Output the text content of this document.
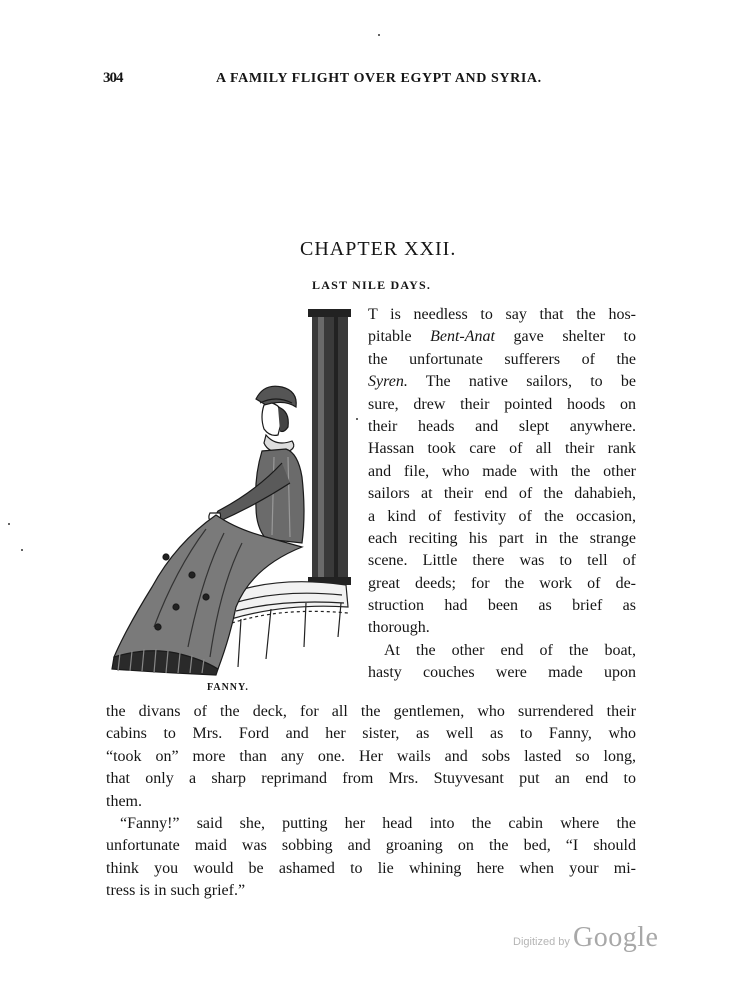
304	A FAMILY FLIGHT OVER EGYPT AND SYRIA.
CHAPTER XXII.
LAST NILE DAYS.
FANNY.
T is needless to say that the hos-
pitable Bent-Anat gave shelter to
the unfortunate sufferers of the
Syren. The native sailors, to be
sure, drew their pointed hoods on
their heads and slept anywhere.
Hassan took care of all their rank
and file, who made with the other
sailors at their end of the dahabieh,
a kind of festivity of the occasion,
each reciting his part in the strange
scene. Little there was to tell of
great deeds; for the work of de-
struction had been as brief as
thorough.
At the other end of the boat,
hasty couches were made upon
the divans of the deck, for all the gentlemen, who surrendered their
cabins to Mrs. Ford and her sister, as well as to Fanny, who
“took on” more than any one. Her wails and sobs lasted so long,
that only a sharp reprimand from Mrs. Stuyvesant put an end to
them.
“Fanny!” said she, putting her head into the cabin where the
unfortunate maid was sobbing and groaning on the bed, “I should
think you would be ashamed to lie whining here when your mi-
tress is in such grief.”
Digitized by Google
